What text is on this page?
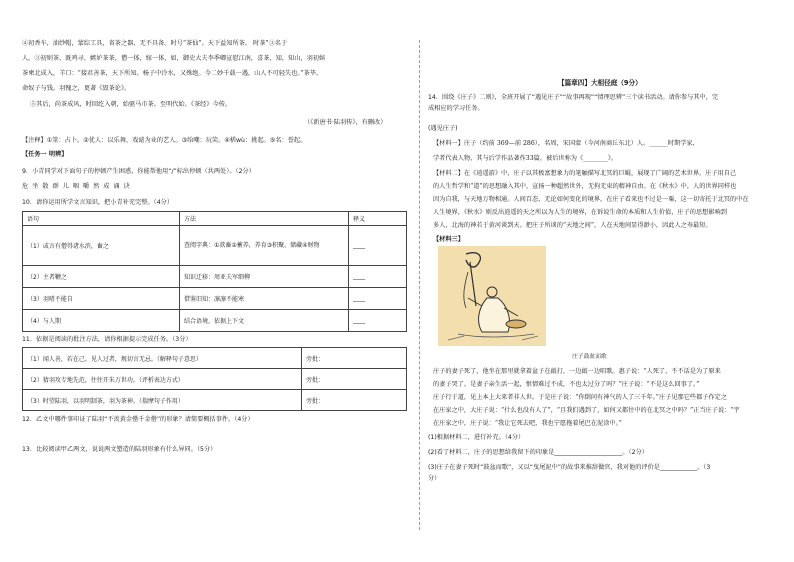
④初香车，油纱帽，蒙综工具，省茶之器，无不具备。时号“茶仙”。天下益知所茶。 时茶”③名于
人。③初则茶，既鸡寻，嫉妒茶茶，僧一体，嫁一体，如，御史大夫李季卿宣慰江南，喜茶，知，知山，羽初嫔
茶柬北成入，羊口：“接君善茶，天下所知。杨子中泠水，又殊绝。今二妙千载一遇，山人不可轻失也。”茶毕，
命奴子与钱。羽愧之，更著《毁茶论》。
⑤其后，尚茶成风，时回纥入朝，始驱马市茶。至明代始。《茶经》今传。
（《新唐书·陆羽传》，有删改）
【注释】①筮：占卜。②优人：以乐舞、戏谑为业的艺人。③绐嘲：玩笑。④楛wù：挑起。⑤名：誉起。
【任务一 明辨】
9．小青同学对下面句子的停顿产生困惑，你能帮他用“/”标出停顿（共两处）。（2分）
危 坐 散 群 儿 咽 嚼 然 成 诵 诀
10．请你运用所学文言知识，把小青补充完整。（4分）
语句	方法	释义
（1）或言有僧得诸水滨，畜之	查阅字典：①款畜②蓄养，养育③积聚，储藏④财物	____
（2）主者鞭之	知识迁移：周亚夫军细柳	____
（3）羽嗜不能自	借鉴旧知：凛凛不能寒	____
（4）与人期	结合语境，依据上下文	____
11．依据是阅读的批注方法，请你根据提示完成任务。（3分）
（1）闻人善，若在己。见人过者，规切言无忌。（解释句子意思）	旁批：
（2）猜羽攻专地先范，往往开朱万世功。（评析表达方式）	旁批：
（3）时望陆羽，以羽明制茶，羽为茶神。（揣摩句子作用）	旁批：
12．乙文中哪件事印证了陆羽“不羡黄金罍千金罍”的形象？请简要概括事件。（4分）
13．比较阅读甲乙两文，说说两文塑造的陆羽形象有什么异同。（5分）
【篇章四】大相径庭（9分）
14．围绕《庄子》二则》，全班开展了“遇见庄子”“故事再现”“情理思辨”三个读书活动。请你参与其中，完
成相应的学习任务。
(遇见庄子)
【材料一】庄子（约前 369—前 286），名周，宋国蒙（今河南商丘东北）人。______时期学家，
学者代表人物，其与后学作品著作33篇，被后世称为《________》。
【材料二】在《逍遥游》中，庄子以其极富想象力的笔触描写北冥的巨鲲，展现了广阔的艺术世界，庄子用自己
的人生哲学和“道”的思想融入其中，宣扬一种超然世外，无拘无束的精神自由。在《秋水》中，人的世界同样也
因为自我，与天地万物相通。人间百态，无论如何变化的境界，在庄子看来也不过是一粟，这一切寄托于北冥的中在
人生境界，《秋水》则反出逍遥的天之所以为人生的境界，在诉说生命的本质和人生价值，庄子的思想影响到
多人，北海的神若于黄河谈到天。把庄子所谈的“天地之间”，人在天地间显得渺小，因此人之寿最短。
【材料三】
庄子鼓盆而歌
庄子的妻子死了，他坐在那里就拿着盆子在敲打，一边敲一边唱歌。惠子说：“人死了，不不话是为了原来
的妻子哭了。是妻子亲生活一起，恨情难过不成，不也太过分了吗？”庄子说：“不是这么回事了。”
庄子行于道，见上本上大来者非人世。于是庄子说：“你倒问有神气的人了三千年。”庄子见那它些都子作定之
在庄家之中，大庄子说：“什么也没有人了”，“且我们遇到了，如何又都往中的在北冥之中吗？”正当庄子说：“宇
在庄家之中，庄子说：“我让它死去吧，我也宁愿拖着尾巴在泥涂中。”
(1)根据材料二，进行补充。（4分）
(2)看了材料二，庄子的思想给我留下的印象是______________________。（2分）
(3)庄子在妻子死时“鼓盆而歌”，又以“曳尾泥中”的故事来推辞做官，我对他的评价是____________。（3
分）
